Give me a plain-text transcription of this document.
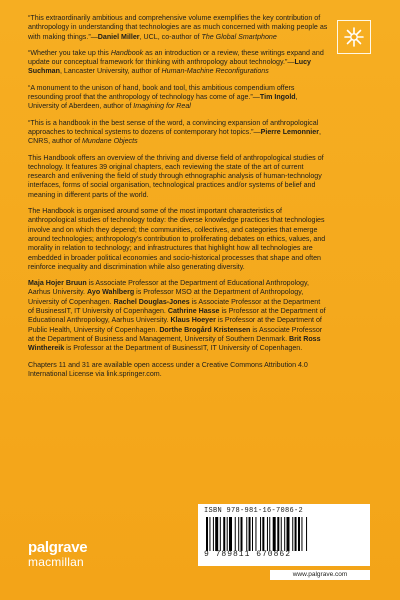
“This extraordinarily ambitious and comprehensive volume exemplifies the key contribution of anthropology in understanding that technologies are as much concerned with making people as with making things.”—Daniel Miller, UCL, co-author of The Global Smartphone

“Whether you take up this Handbook as an introduction or a review, these writings expand and update our conceptual framework for thinking with anthropology about technology.”—Lucy Suchman, Lancaster University, author of Human-Machine Reconfigurations

“A monument to the unison of hand, book and tool, this ambitious compendium offers resounding proof that the anthropology of technology has come of age.”—Tim Ingold, University of Aberdeen, author of Imagining for Real

“This is a handbook in the best sense of the word, a convincing expansion of anthropological approaches to technical systems to dozens of contemporary hot topics.”—Pierre Lemonnier, CNRS, author of Mundane Objects

This Handbook offers an overview of the thriving and diverse field of anthropological studies of technology. It features 39 original chapters, each reviewing the state of the art of current research and enlivening the field of study through ethnographic analysis of human-technology interfaces, forms of social organisation, technological practices and/or systems of belief and meaning in different parts of the world.

The Handbook is organised around some of the most important characteristics of anthropological studies of technology today: the diverse knowledge practices that technologies involve and on which they depend; the communities, collectives, and categories that emerge around technologies; anthropology’s contribution to proliferating debates on ethics, values, and morality in relation to technology; and infrastructures that highlight how all technologies are embedded in broader political economies and socio-historical processes that shape and often reinforce inequality and discrimination while also generating diversity.

Maja Hojer Bruun is Associate Professor at the Department of Educational Anthropology, Aarhus University. Ayo Wahlberg is Professor MSO at the Department of Anthropology, University of Copenhagen. Rachel Douglas-Jones is Associate Professor at the Department of BusinessIT, IT University of Copenhagen. Cathrine Hasse is Professor at the Department of Educational Anthropology, Aarhus University. Klaus Hoeyer is Professor at the Department of Public Health, University of Copenhagen. Dorthe Brogård Kristensen is Associate Professor at the Department of Business and Management, University of Southern Denmark. Brit Ross Winthereik is Professor at the Department of BusinessIT, IT University of Copenhagen.

Chapters 11 and 31 are available open access under a Creative Commons Attribution 4.0 International License via link.springer.com.

palgrave
macmillan
ISBN 978-981-16-7086-2
9 789811 670862
www.palgrave.com
